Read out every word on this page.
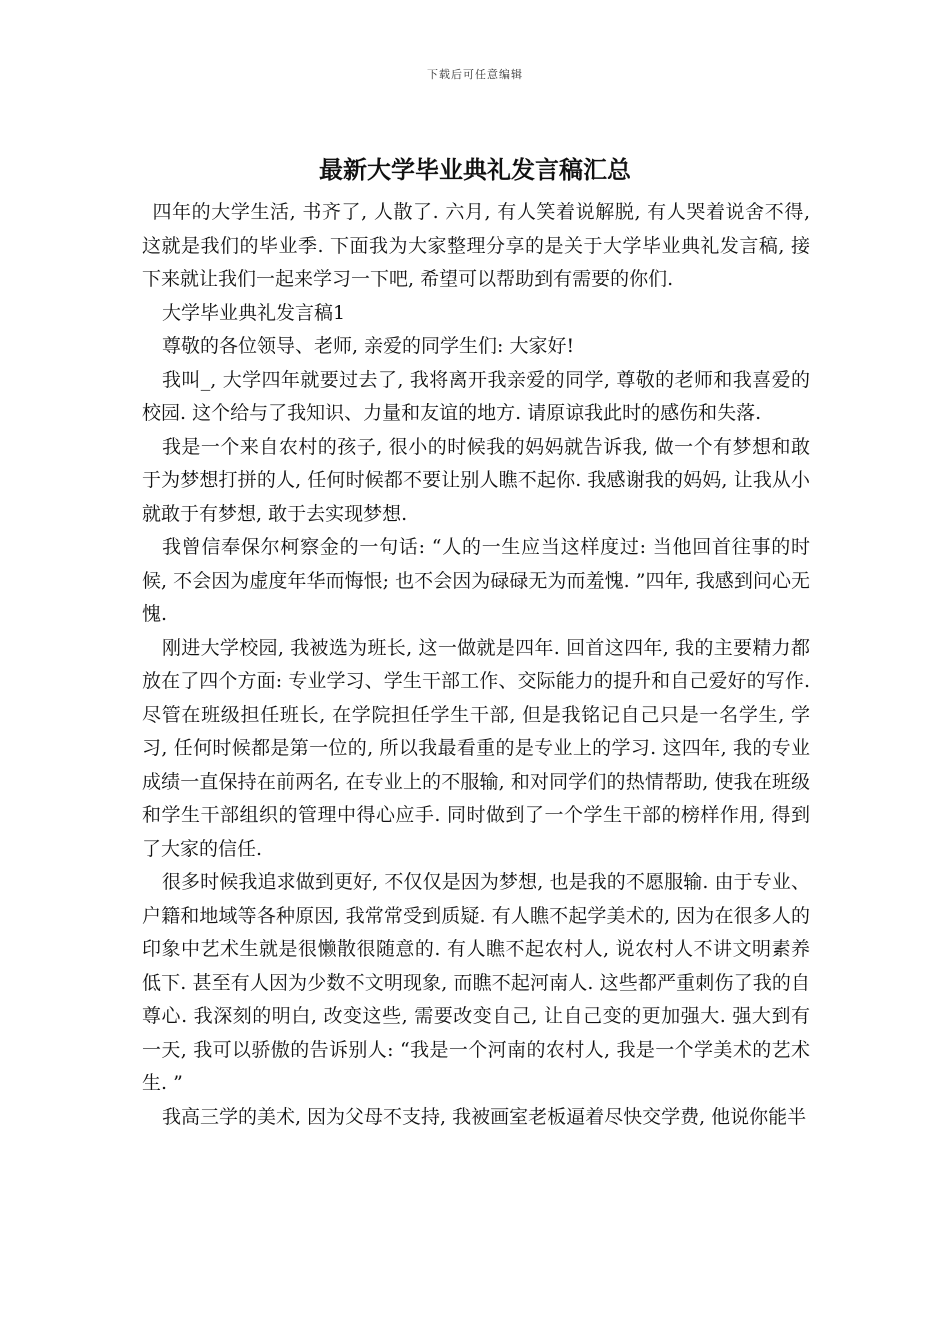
下载后可任意编辑
最新大学毕业典礼发言稿汇总

四年的大学生活, 书齐了, 人散了. 六月, 有人笑着说解脱, 有人哭着说舍不得, 这就是我们的毕业季. 下面我为大家整理分享的是关于大学毕业典礼发言稿, 接下来就让我们一起来学习一下吧, 希望可以帮助到有需要的你们.

大学毕业典礼发言稿1

尊敬的各位领导、老师, 亲爱的同学生们: 大家好!

我叫_, 大学四年就要过去了, 我将离开我亲爱的同学, 尊敬的老师和我喜爱的校园. 这个给与了我知识、力量和友谊的地方. 请原谅我此时的感伤和失落.

我是一个来自农村的孩子, 很小的时候我的妈妈就告诉我, 做一个有梦想和敢于为梦想打拼的人, 任何时候都不要让别人瞧不起你. 我感谢我的妈妈, 让我从小就敢于有梦想, 敢于去实现梦想.

我曾信奉保尔柯察金的一句话: “人的一生应当这样度过: 当他回首往事的时候, 不会因为虚度年华而悔恨; 也不会因为碌碌无为而羞愧. ”四年, 我感到问心无愧.

刚进大学校园, 我被选为班长, 这一做就是四年. 回首这四年, 我的主要精力都放在了四个方面: 专业学习、学生干部工作、交际能力的提升和自己爱好的写作. 尽管在班级担任班长, 在学院担任学生干部, 但是我铭记自己只是一名学生, 学习, 任何时候都是第一位的, 所以我最看重的是专业上的学习. 这四年, 我的专业成绩一直保持在前两名, 在专业上的不服输, 和对同学们的热情帮助, 使我在班级和学生干部组织的管理中得心应手. 同时做到了一个学生干部的榜样作用, 得到了大家的信任.

很多时候我追求做到更好, 不仅仅是因为梦想, 也是我的不愿服输. 由于专业、户籍和地域等各种原因, 我常常受到质疑. 有人瞧不起学美术的, 因为在很多人的印象中艺术生就是很懒散很随意的. 有人瞧不起农村人, 说农村人不讲文明素养低下. 甚至有人因为少数不文明现象, 而瞧不起河南人. 这些都严重刺伤了我的自尊心. 我深刻的明白, 改变这些, 需要改变自己, 让自己变的更加强大. 强大到有一天, 我可以骄傲的告诉别人: “我是一个河南的农村人, 我是一个学美术的艺术生. ”

我高三学的美术, 因为父母不支持, 我被画室老板逼着尽快交学费, 他说你能半
